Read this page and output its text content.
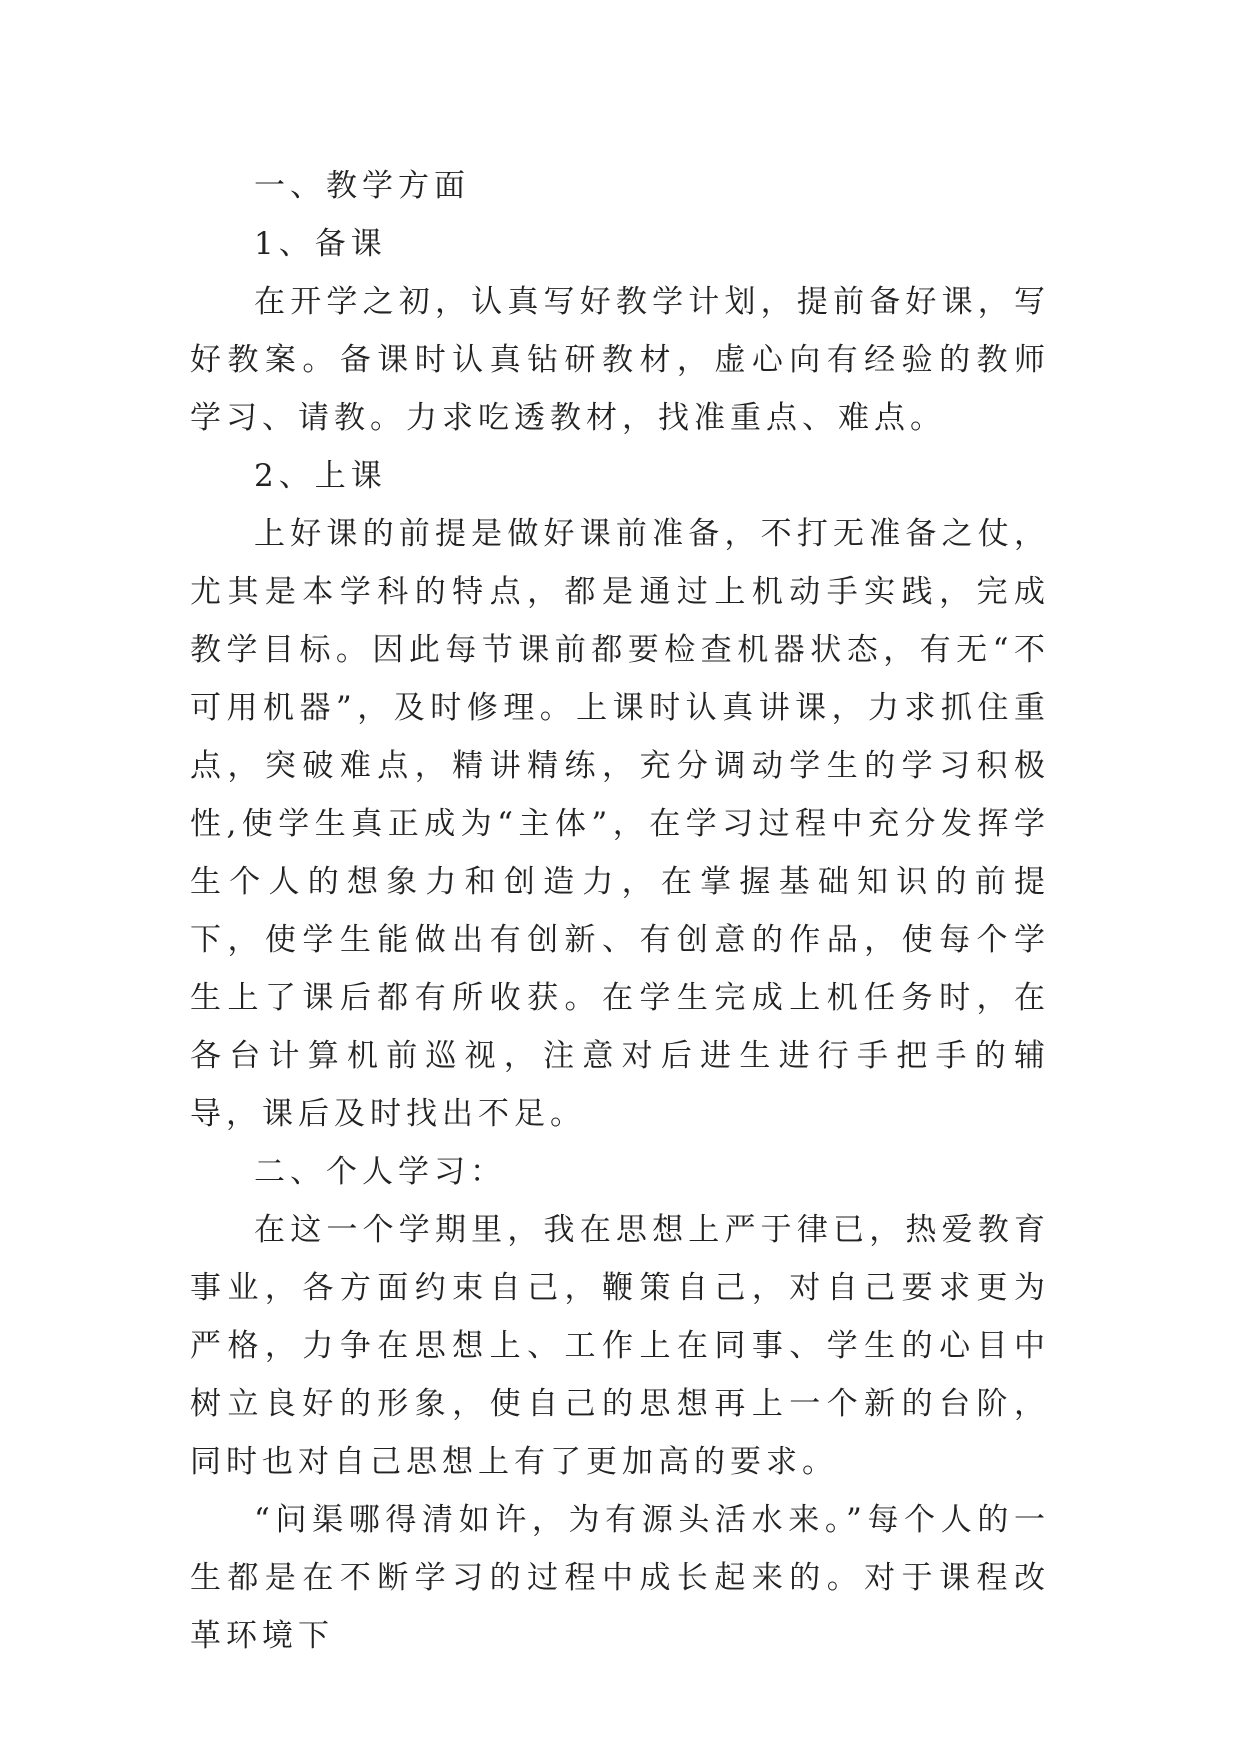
一、教学方面
1、备课

在开学之初，认真写好教学计划，提前备好课，写好教案。备课时认真钻研教材，虚心向有经验的教师学习、请教。力求吃透教材，找准重点、难点。

2、上课

上好课的前提是做好课前准备，不打无准备之仗，尤其是本学科的特点，都是通过上机动手实践，完成教学目标。因此每节课前都要检查机器状态，有无“不可用机器”，及时修理。上课时认真讲课，力求抓住重点，突破难点，精讲精练，充分调动学生的学习积极性,使学生真正成为“主体”，在学习过程中充分发挥学生个人的想象力和创造力，在掌握基础知识的前提下，使学生能做出有创新、有创意的作品，使每个学生上了课后都有所收获。在学生完成上机任务时，在各台计算机前巡视，注意对后进生进行手把手的辅导，课后及时找出不足。

二、个人学习：

在这一个学期里，我在思想上严于律已，热爱教育事业，各方面约束自己，鞭策自己，对自己要求更为严格，力争在思想上、工作上在同事、学生的心目中树立良好的形象，使自己的思想再上一个新的台阶，同时也对自己思想上有了更加高的要求。

“问渠哪得清如许，为有源头活水来。”每个人的一生都是在不断学习的过程中成长起来的。对于课程改革环境下
